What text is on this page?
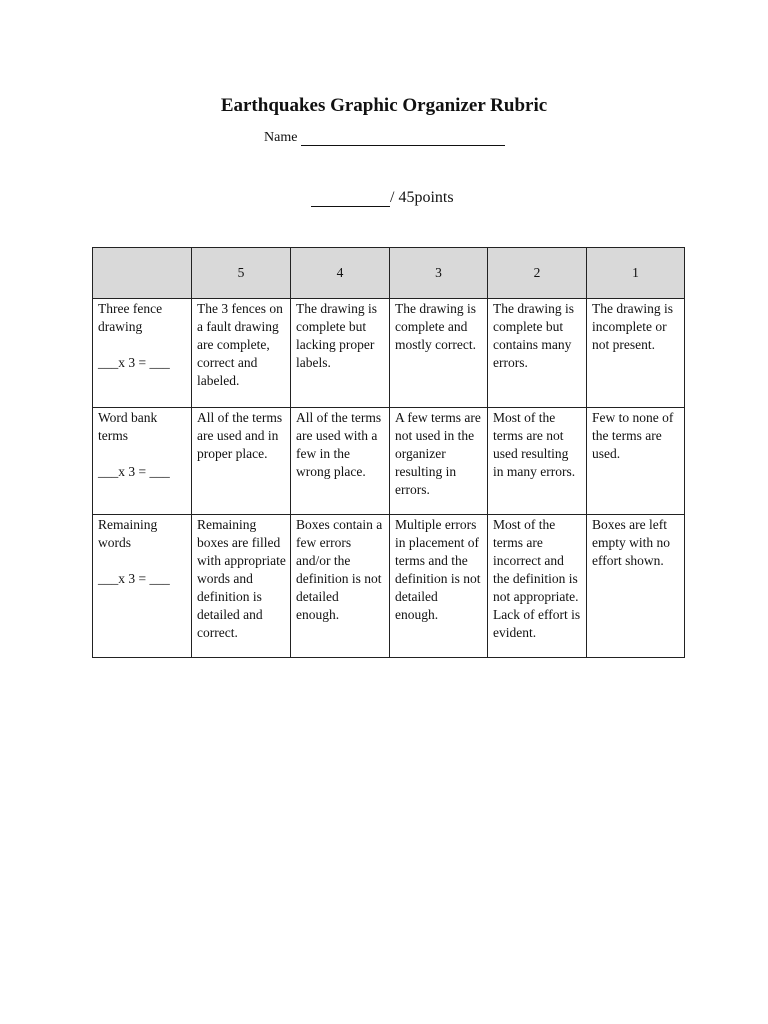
Earthquakes Graphic Organizer Rubric
Name
/ 45points
	5	4	3	2	1

Three fence drawing
___x 3 = ___	The 3 fences on a fault drawing are complete, correct and labeled.	The drawing is complete but lacking proper labels.	The drawing is complete and mostly correct.	The drawing is complete but contains many errors.	The drawing is incomplete or not present.

Word bank terms
___x 3 = ___	All of the terms are used and in proper place.	All of the terms are used with a few in the wrong place.	A few terms are not used in the organizer resulting in errors.	Most of the terms are not used resulting in many errors.	Few to none of the terms are used.

Remaining words
___x 3 = ___	Remaining boxes are filled with appropriate words and definition is detailed and correct.	Boxes contain a few errors and/or the definition is not detailed enough.	Multiple errors in placement of terms and the definition is not detailed enough.	Most of the terms are incorrect and the definition is not appropriate. Lack of effort is evident.	Boxes are left empty with no effort shown.
